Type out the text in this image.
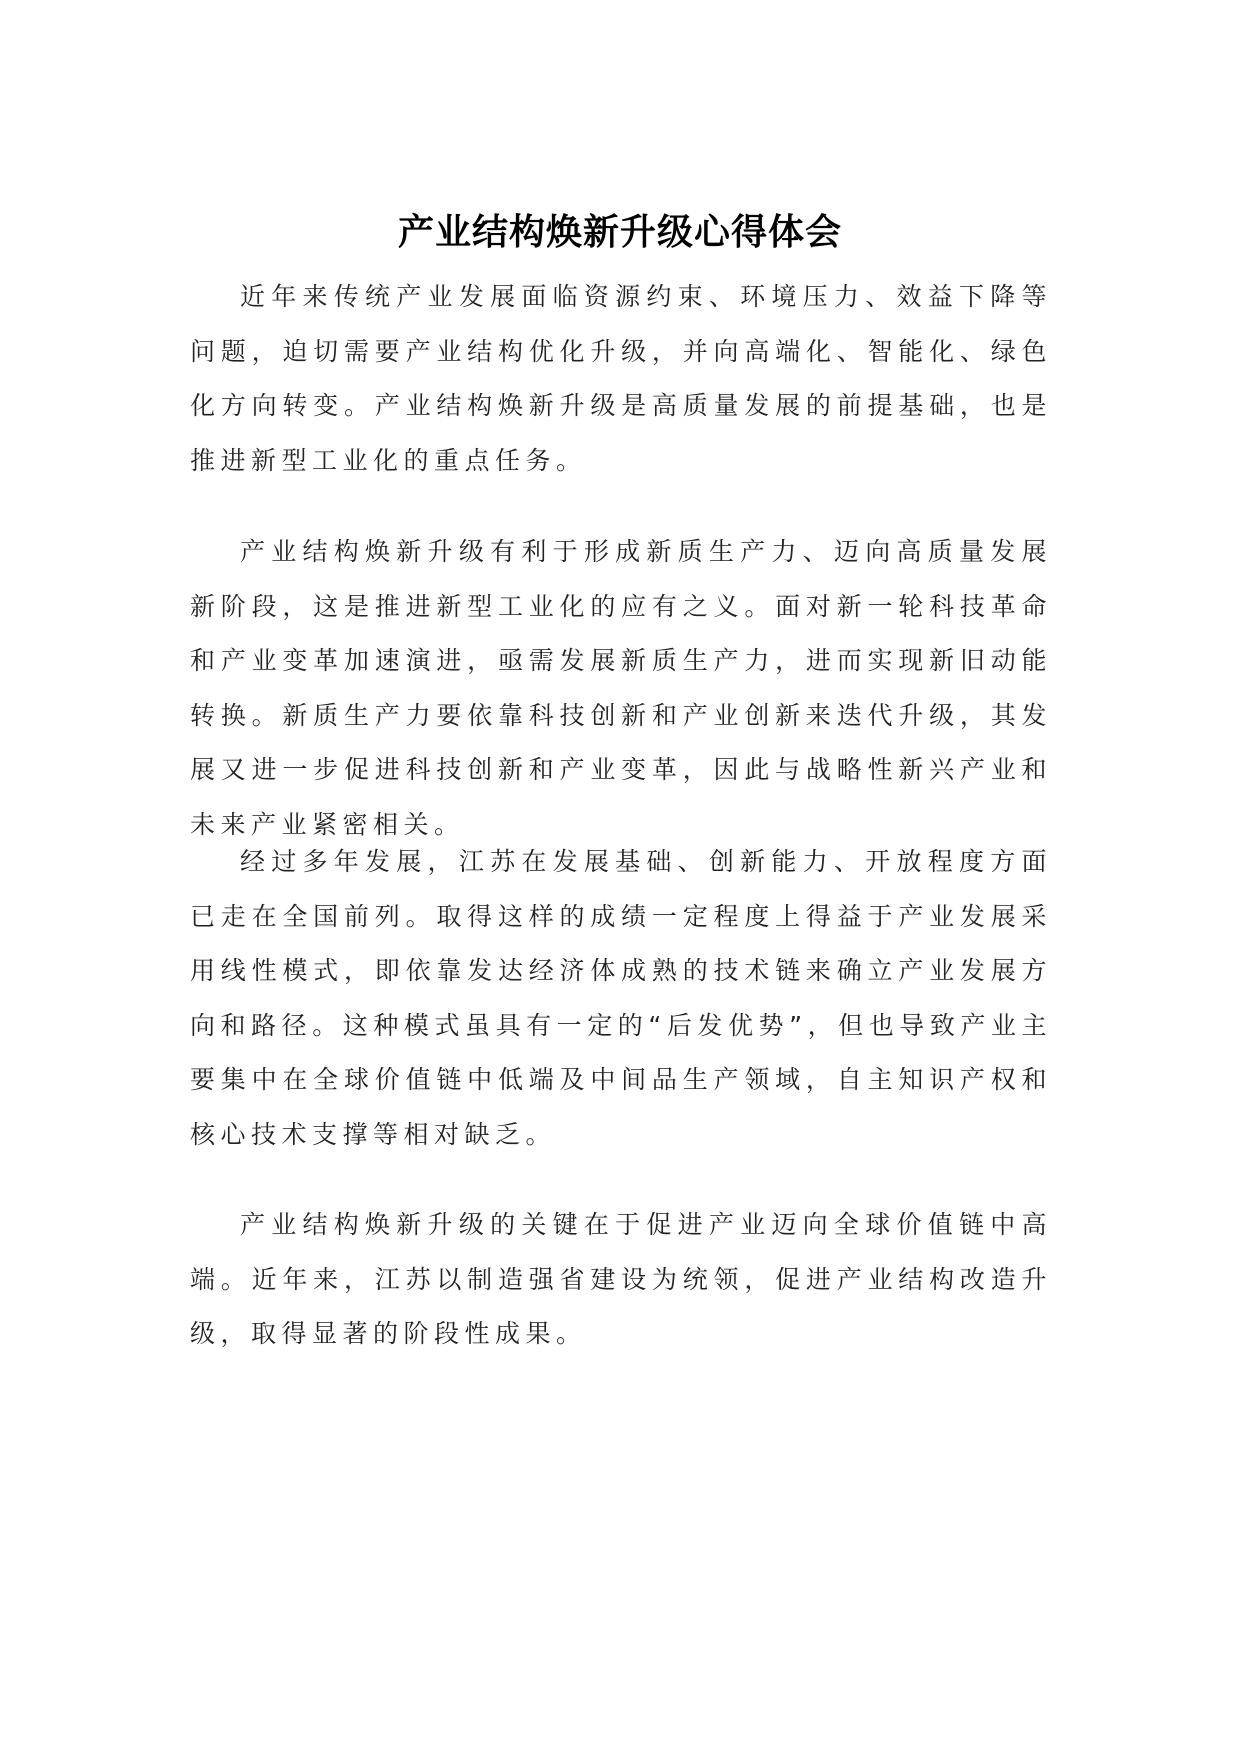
产业结构焕新升级心得体会

近年来传统产业发展面临资源约束、环境压力、效益下降等问题，迫切需要产业结构优化升级，并向高端化、智能化、绿色化方向转变。产业结构焕新升级是高质量发展的前提基础，也是推进新型工业化的重点任务。

产业结构焕新升级有利于形成新质生产力、迈向高质量发展新阶段，这是推进新型工业化的应有之义。面对新一轮科技革命和产业变革加速演进，亟需发展新质生产力，进而实现新旧动能转换。新质生产力要依靠科技创新和产业创新来迭代升级，其发展又进一步促进科技创新和产业变革，因此与战略性新兴产业和未来产业紧密相关。

经过多年发展，江苏在发展基础、创新能力、开放程度方面已走在全国前列。取得这样的成绩一定程度上得益于产业发展采用线性模式，即依靠发达经济体成熟的技术链来确立产业发展方向和路径。这种模式虽具有一定的“后发优势”，但也导致产业主要集中在全球价值链中低端及中间品生产领域，自主知识产权和核心技术支撑等相对缺乏。

产业结构焕新升级的关键在于促进产业迈向全球价值链中高端。近年来，江苏以制造强省建设为统领，促进产业结构改造升级，取得显著的阶段性成果。
